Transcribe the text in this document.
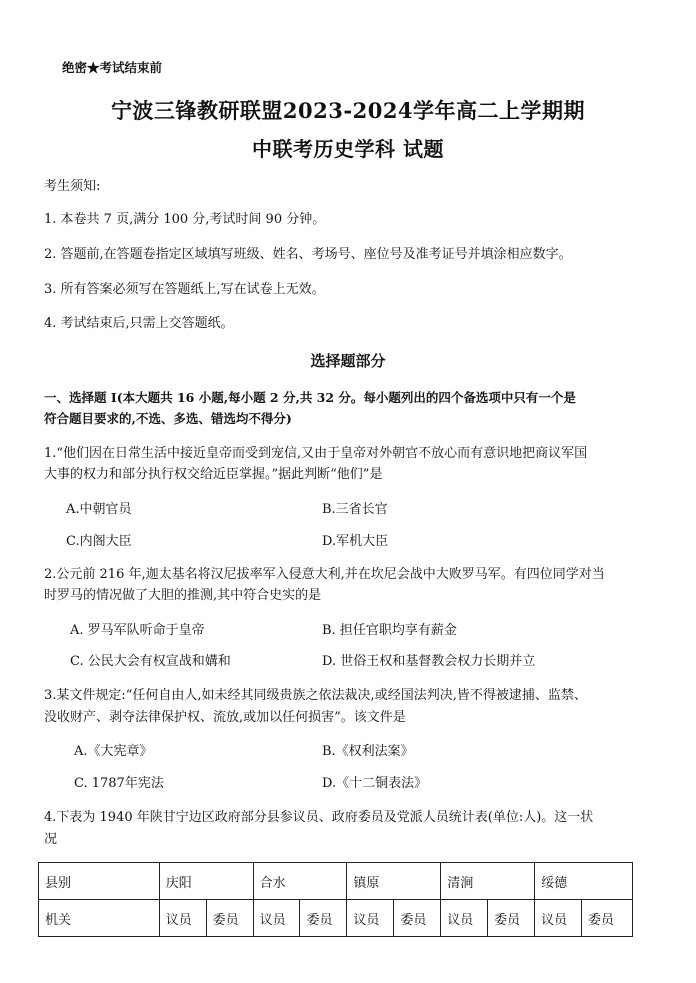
绝密★考试结束前
宁波三锋教研联盟2023-2024学年高二上学期期
中联考历史学科 试题
考生须知:
1. 本卷共 7 页,满分 100 分,考试时间 90 分钟。
2. 答题前,在答题卷指定区域填写班级、姓名、考场号、座位号及准考证号并填涂相应数字。
3. 所有答案必须写在答题纸上,写在试卷上无效。
4. 考试结束后,只需上交答题纸。
选择题部分
一、选择题 I(本大题共 16 小题,每小题 2 分,共 32 分。每小题列出的四个备选项中只有一个是
符合题目要求的,不选、多选、错选均不得分)
1.“他们因在日常生活中接近皇帝而受到宠信,又由于皇帝对外朝官不放心而有意识地把商议军国
大事的权力和部分执行权交给近臣掌握。”据此判断“他们”是
A.中朝官员	B.三省长官
C.内阁大臣	D.军机大臣
2.公元前 216 年,迦太基名将汉尼拔率军入侵意大利,并在坎尼会战中大败罗马军。有四位同学对当
时罗马的情况做了大胆的推测,其中符合史实的是
A. 罗马军队听命于皇帝	B. 担任官职均享有薪金
C. 公民大会有权宣战和媾和	D. 世俗王权和基督教会权力长期并立
3.某文件规定:“任何自由人,如未经其同级贵族之依法裁决,或经国法判决,皆不得被逮捕、监禁、
没收财产、剥夺法律保护权、流放,或加以任何损害”。该文件是
A.《大宪章》	B.《权利法案》
C. 1787年宪法	D.《十二铜表法》
4.下表为 1940 年陕甘宁边区政府部分县参议员、政府委员及党派人员统计表(单位:人)。这一状
况
县别	庆阳		合水		镇原		清涧		绥德	
机关	议员	委员	议员	委员	议员	委员	议员	委员	议员	委员
